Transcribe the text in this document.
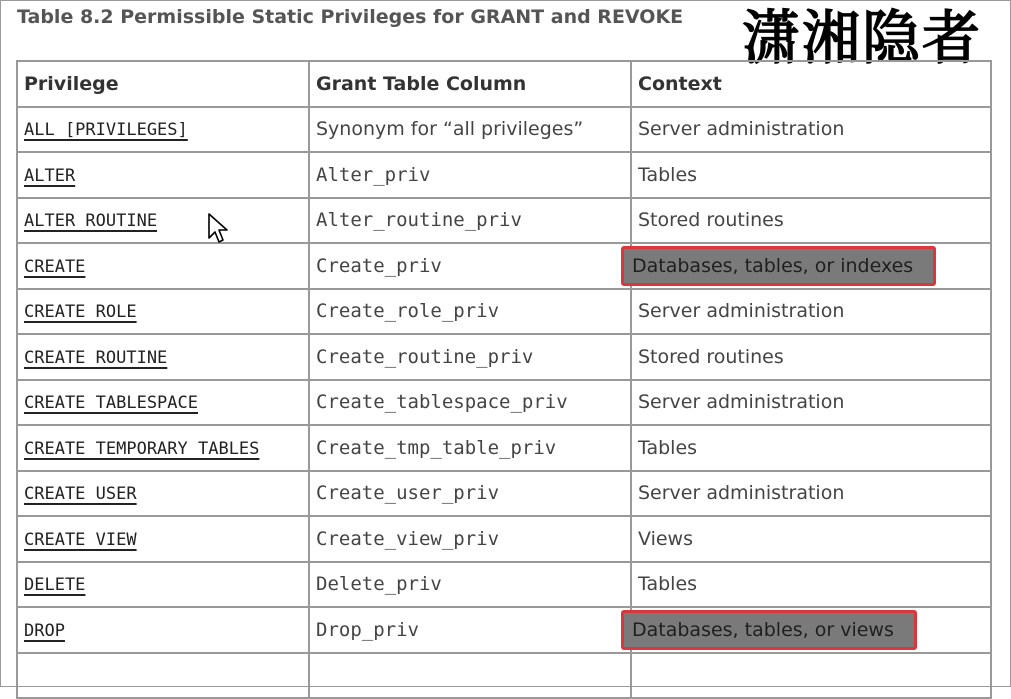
Table 8.2 Permissible Static Privileges for GRANT and REVOKE 潇湘隐者
Privilege	Grant Table Column	Context
ALL [PRIVILEGES]	Synonym for “all privileges”	Server administration
ALTER	Alter_priv	Tables
ALTER ROUTINE	Alter_routine_priv	Stored routines
CREATE	Create_priv	Databases, tables, or indexes
CREATE ROLE	Create_role_priv	Server administration
CREATE ROUTINE	Create_routine_priv	Stored routines
CREATE TABLESPACE	Create_tablespace_priv	Server administration
CREATE TEMPORARY TABLES	Create_tmp_table_priv	Tables
CREATE USER	Create_user_priv	Server administration
CREATE VIEW	Create_view_priv	Views
DELETE	Delete_priv	Tables
DROP	Drop_priv	Databases, tables, or views
